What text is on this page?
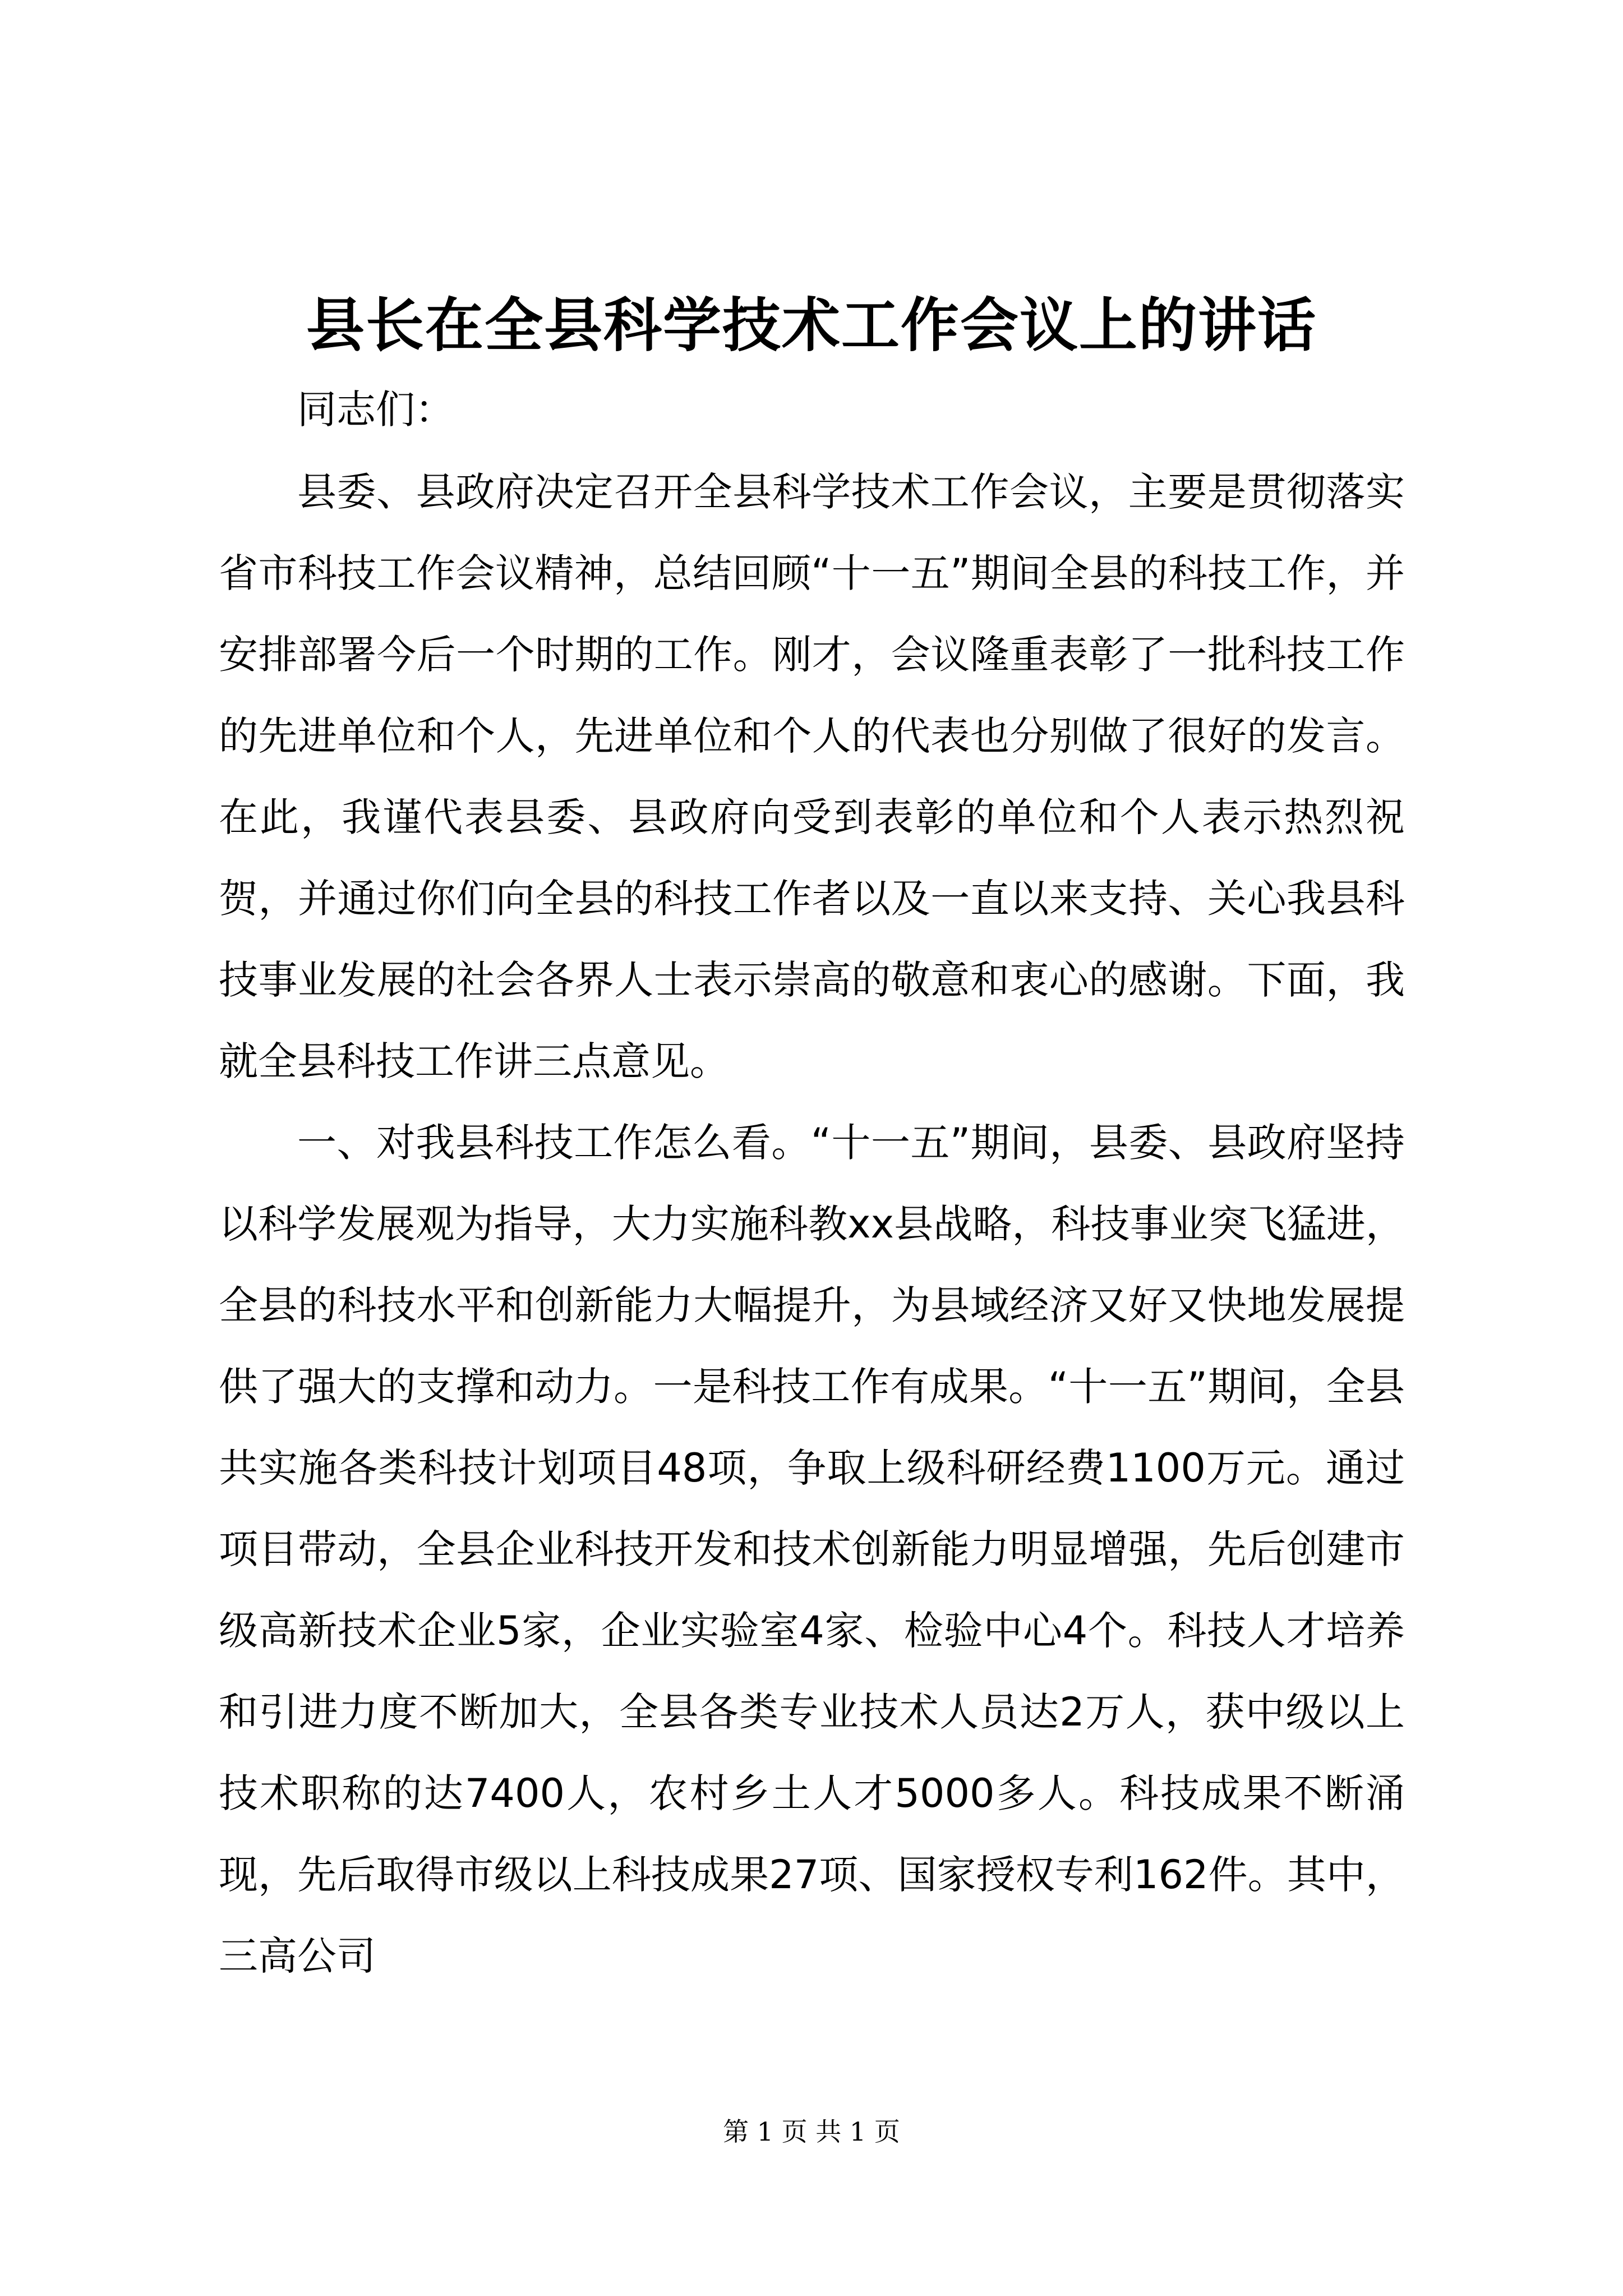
县长在全县科学技术工作会议上的讲话

同志们：

县委、县政府决定召开全县科学技术工作会议，主要是贯彻落实省市科技工作会议精神，总结回顾“十一五”期间全县的科技工作，并安排部署今后一个时期的工作。刚才，会议隆重表彰了一批科技工作的先进单位和个人，先进单位和个人的代表也分别做了很好的发言。在此，我谨代表县委、县政府向受到表彰的单位和个人表示热烈祝贺，并通过你们向全县的科技工作者以及一直以来支持、关心我县科技事业发展的社会各界人士表示崇高的敬意和衷心的感谢。下面，我就全县科技工作讲三点意见。

一、对我县科技工作怎么看。“十一五”期间，县委、县政府坚持以科学发展观为指导，大力实施科教xx县战略，科技事业突飞猛进，全县的科技水平和创新能力大幅提升，为县域经济又好又快地发展提供了强大的支撑和动力。一是科技工作有成果。“十一五”期间，全县共实施各类科技计划项目48项，争取上级科研经费1100万元。通过项目带动，全县企业科技开发和技术创新能力明显增强，先后创建市级高新技术企业5家，企业实验室4家、检验中心4个。科技人才培养和引进力度不断加大，全县各类专业技术人员达2万人，获中级以上技术职称的达7400人，农村乡土人才5000多人。科技成果不断涌现，先后取得市级以上科技成果27项、国家授权专利162件。其中，三高公司

第 1 页 共 1 页
